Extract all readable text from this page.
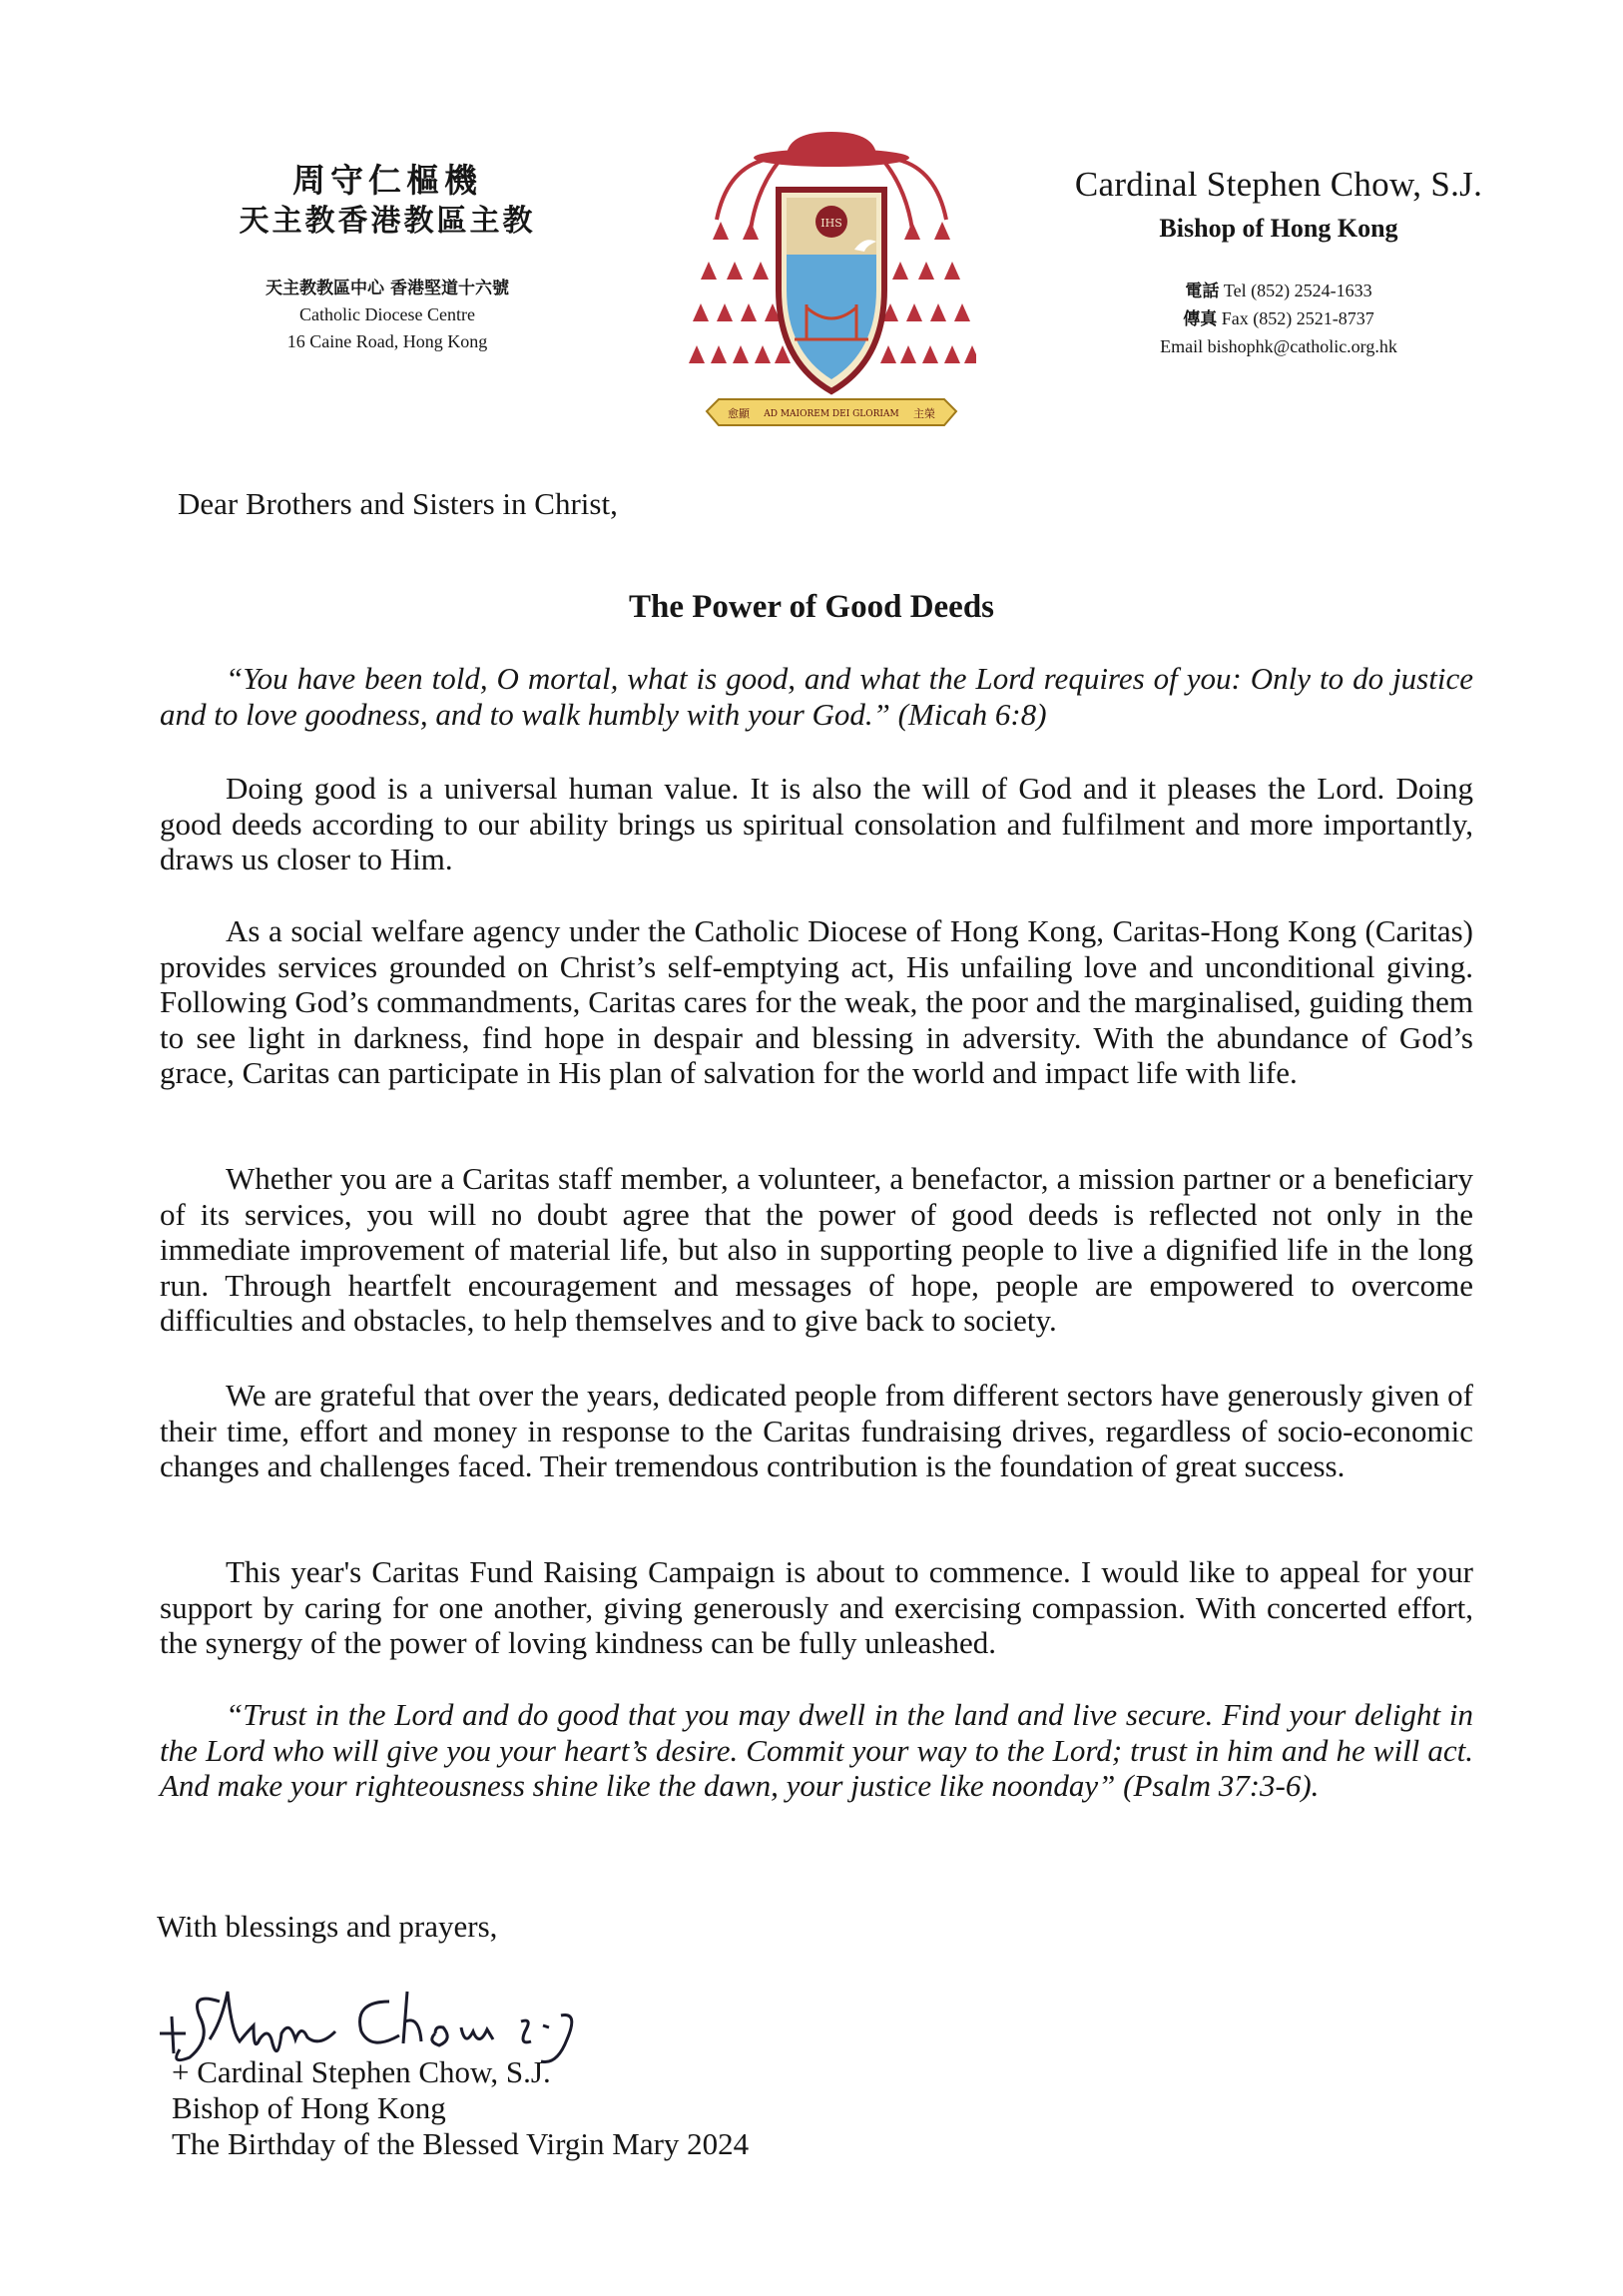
周守仁樞機
天主教香港教區主教
天主教教區中心 香港堅道十六號
Catholic Diocese Centre
16 Caine Road, Hong Kong
IHS
愈顯 AD MAIOREM DEI GLORIAM 主榮
Cardinal Stephen Chow, S.J.
Bishop of Hong Kong
電話 Tel (852) 2524-1633
傳真 Fax (852) 2521-8737
Email bishophk@catholic.org.hk
Dear Brothers and Sisters in Christ,
The Power of Good Deeds

“You have been told, O mortal, what is good, and what the Lord requires of you: Only to do justice and to love goodness, and to walk humbly with your God.” (Micah 6:8)

Doing good is a universal human value. It is also the will of God and it pleases the Lord. Doing good deeds according to our ability brings us spiritual consolation and fulfilment and more importantly, draws us closer to Him.

As a social welfare agency under the Catholic Diocese of Hong Kong, Caritas-Hong Kong (Caritas) provides services grounded on Christ’s self-emptying act, His unfailing love and unconditional giving. Following God’s commandments, Caritas cares for the weak, the poor and the marginalised, guiding them to see light in darkness, find hope in despair and blessing in adversity. With the abundance of God’s grace, Caritas can participate in His plan of salvation for the world and impact life with life.

Whether you are a Caritas staff member, a volunteer, a benefactor, a mission partner or a beneficiary of its services, you will no doubt agree that the power of good deeds is reflected not only in the immediate improvement of material life, but also in supporting people to live a dignified life in the long run. Through heartfelt encouragement and messages of hope, people are empowered to overcome difficulties and obstacles, to help themselves and to give back to society.

We are grateful that over the years, dedicated people from different sectors have generously given of their time, effort and money in response to the Caritas fundraising drives, regardless of socio-economic changes and challenges faced. Their tremendous contribution is the foundation of great success.

This year's Caritas Fund Raising Campaign is about to commence. I would like to appeal for your support by caring for one another, giving generously and exercising compassion. With concerted effort, the synergy of the power of loving kindness can be fully unleashed.

“Trust in the Lord and do good that you may dwell in the land and live secure. Find your delight in the Lord who will give you your heart’s desire. Commit your way to the Lord; trust in him and he will act. And make your righteousness shine like the dawn, your justice like noonday” (Psalm 37:3-6).

With blessings and prayers,
+ Cardinal Stephen Chow, S.J.
Bishop of Hong Kong
The Birthday of the Blessed Virgin Mary 2024
